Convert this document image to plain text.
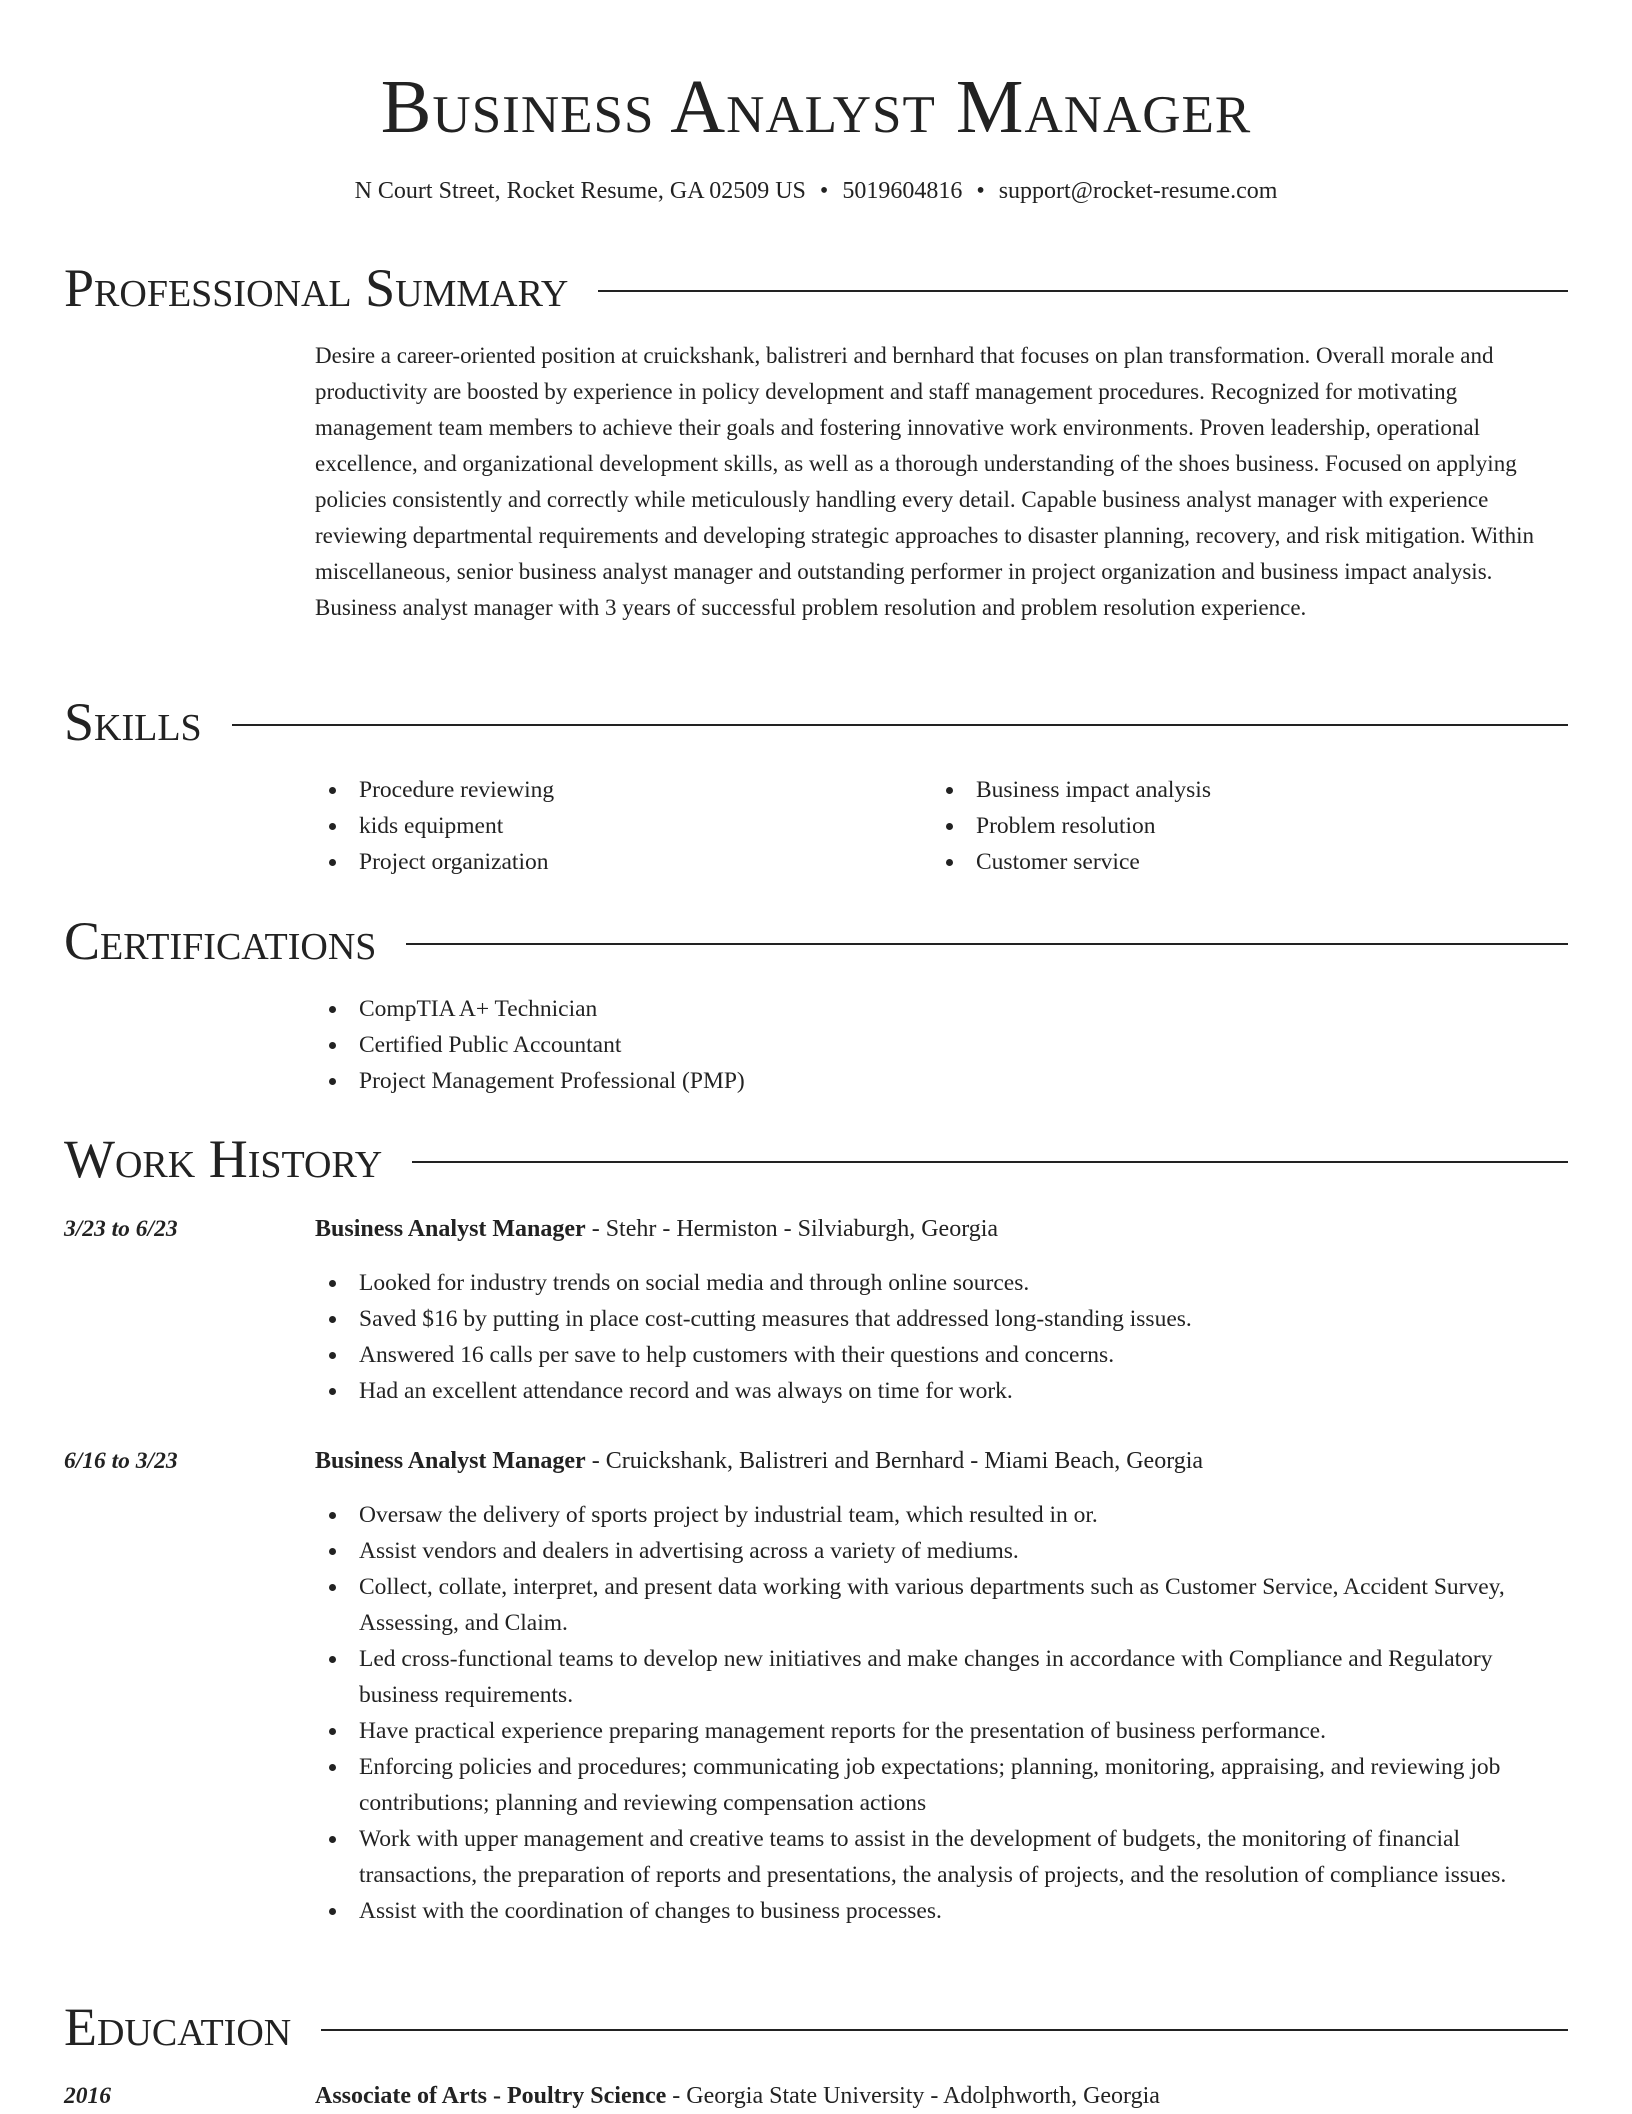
Business Analyst Manager
N Court Street, Rocket Resume, GA 02509 US • 5019604816 • support@rocket-resume.com
Professional Summary

Desire a career-oriented position at cruickshank, balistreri and bernhard that focuses on plan transformation. Overall morale and productivity are boosted by experience in policy development and staff management procedures. Recognized for motivating management team members to achieve their goals and fostering innovative work environments. Proven leadership, operational excellence, and organizational development skills, as well as a thorough understanding of the shoes business. Focused on applying policies consistently and correctly while meticulously handling every detail. Capable business analyst manager with experience reviewing departmental requirements and developing strategic approaches to disaster planning, recovery, and risk mitigation. Within miscellaneous, senior business analyst manager and outstanding performer in project organization and business impact analysis. Business analyst manager with 3 years of successful problem resolution and problem resolution experience.

Skills
Procedure reviewing
kids equipment
Project organization
Business impact analysis
Problem resolution
Customer service
Certifications
CompTIA A+ Technician
Certified Public Accountant
Project Management Professional (PMP)
Work History
3/23 to 6/23	Business Analyst Manager - Stehr - Hermiston - Silviaburgh, Georgia
Looked for industry trends on social media and through online sources.
Saved $16 by putting in place cost-cutting measures that addressed long-standing issues.
Answered 16 calls per save to help customers with their questions and concerns.
Had an excellent attendance record and was always on time for work.
6/16 to 3/23	Business Analyst Manager - Cruickshank, Balistreri and Bernhard - Miami Beach, Georgia
Oversaw the delivery of sports project by industrial team, which resulted in or.
Assist vendors and dealers in advertising across a variety of mediums.
Collect, collate, interpret, and present data working with various departments such as Customer Service, Accident Survey, Assessing, and Claim.
Led cross-functional teams to develop new initiatives and make changes in accordance with Compliance and Regulatory business requirements.
Have practical experience preparing management reports for the presentation of business performance.
Enforcing policies and procedures; communicating job expectations; planning, monitoring, appraising, and reviewing job contributions; planning and reviewing compensation actions
Work with upper management and creative teams to assist in the development of budgets, the monitoring of financial transactions, the preparation of reports and presentations, the analysis of projects, and the resolution of compliance issues.
Assist with the coordination of changes to business processes.
Education
2016	Associate of Arts - Poultry Science - Georgia State University - Adolphworth, Georgia
